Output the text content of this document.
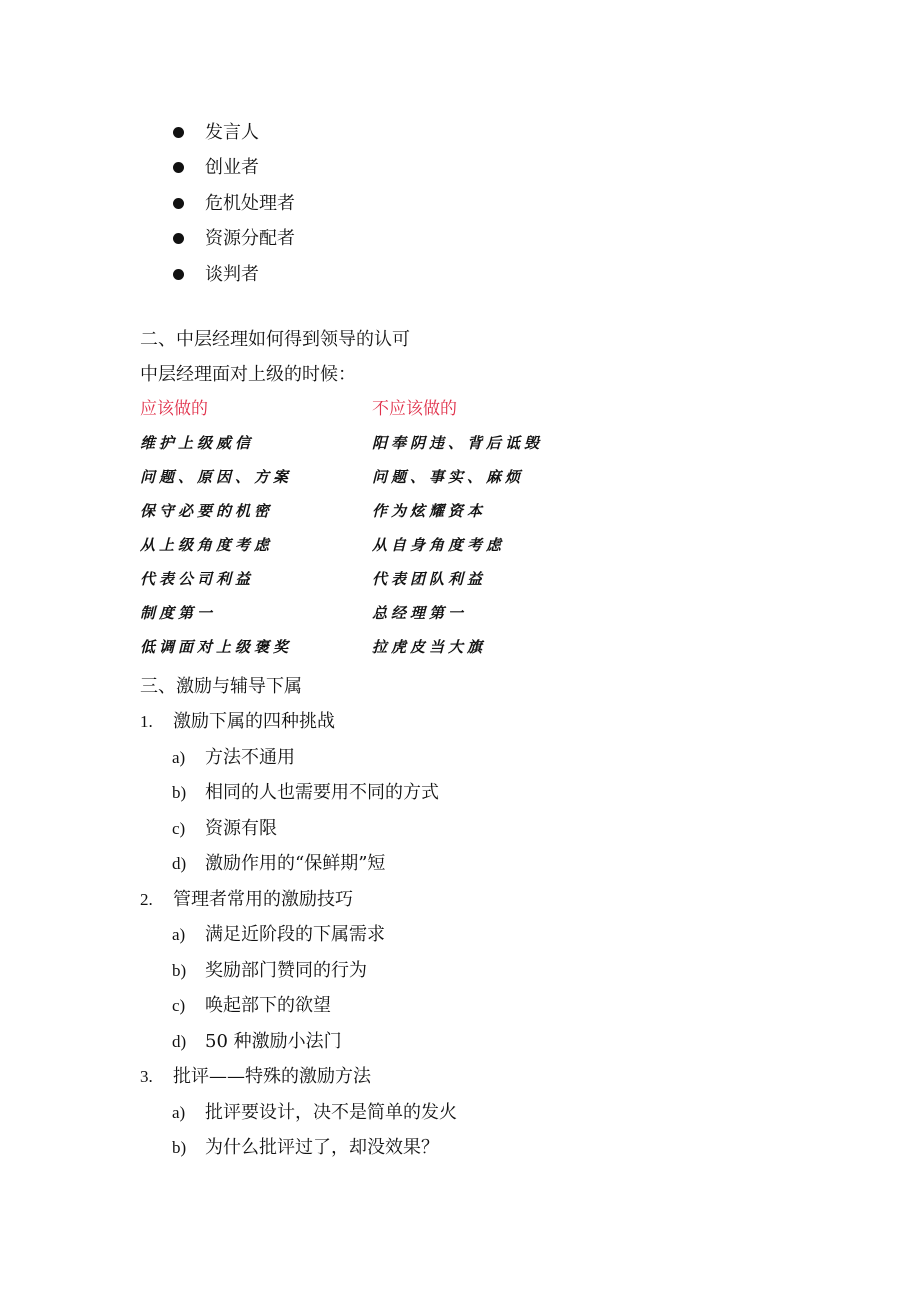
发言人
创业者
危机处理者
资源分配者
谈判者
二、中层经理如何得到领导的认可
中层经理面对上级的时候：
应该做的	不应该做的
维护上级威信	阳奉阴违、背后诋毁
问题、原因、方案	问题、事实、麻烦
保守必要的机密	作为炫耀资本
从上级角度考虑	从自身角度考虑
代表公司利益	代表团队利益
制度第一	总经理第一
低调面对上级褒奖	拉虎皮当大旗
三、激励与辅导下属
1. 激励下属的四种挑战
a) 方法不通用
b) 相同的人也需要用不同的方式
c) 资源有限
d) 激励作用的“保鲜期”短
2. 管理者常用的激励技巧
a) 满足近阶段的下属需求
b) 奖励部门赞同的行为
c) 唤起部下的欲望
d) 50 种激励小法门
3. 批评——特殊的激励方法
a) 批评要设计，决不是简单的发火
b) 为什么批评过了，却没效果？
